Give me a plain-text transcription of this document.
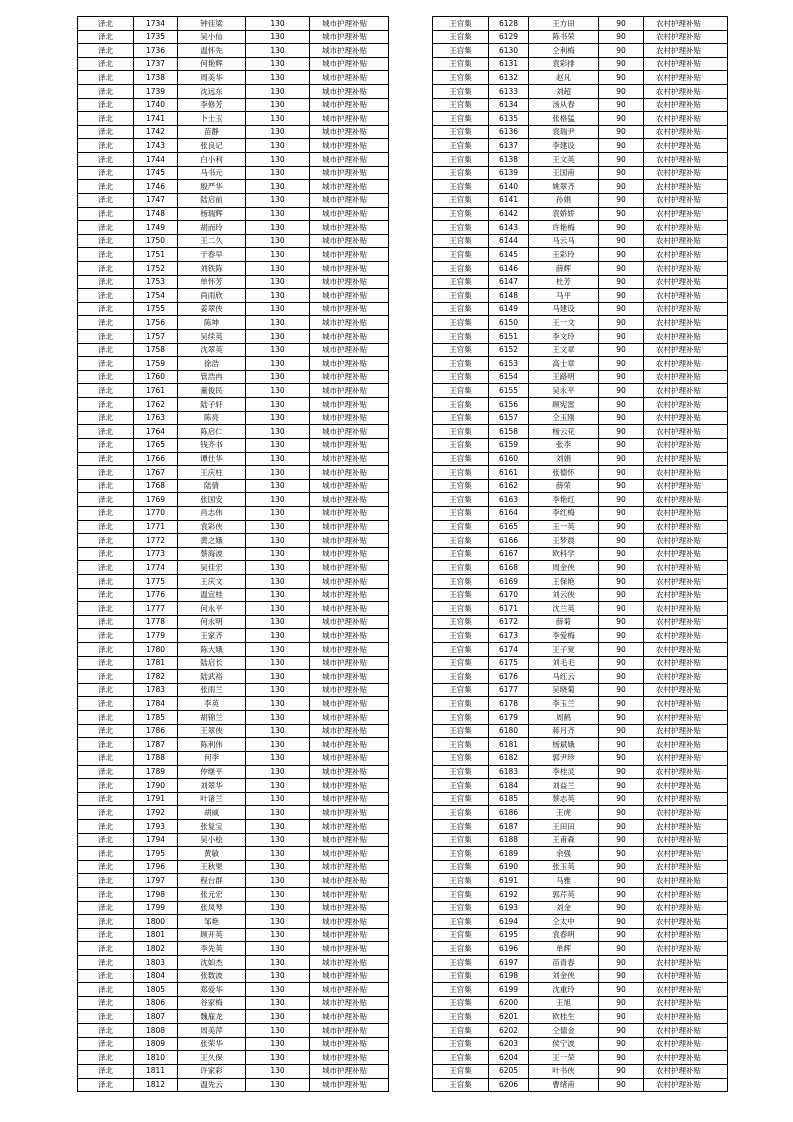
泽北	1734	钟佳梁	130	城市护理补贴
泽北	1735	吴小仙	130	城市护理补贴
泽北	1736	温怀先	130	城市护理补贴
泽北	1737	何艳辉	130	城市护理补贴
泽北	1738	周美华	130	城市护理补贴
泽北	1739	沈远东	130	城市护理补贴
泽北	1740	李修芳	130	城市护理补贴
泽北	1741	卜士玉	130	城市护理补贴
泽北	1742	苗静	130	城市护理补贴
泽北	1743	张良记	130	城市护理补贴
泽北	1744	白小利	130	城市护理补贴
泽北	1745	马书元	130	城市护理补贴
泽北	1746	殷严华	130	城市护理补贴
泽北	1747	陆启前	130	城市护理补贴
泽北	1748	杨瑞辉	130	城市护理补贴
泽北	1749	胡而玲	130	城市护理补贴
泽北	1750	王二久	130	城市护理补贴
泽北	1751	于春早	130	城市护理补贴
泽北	1752	刘铁陈	130	城市护理补贴
泽北	1753	单怀芳	130	城市护理补贴
泽北	1754	尚雨欣	130	城市护理补贴
泽北	1755	姜翠侠	130	城市护理补贴
泽北	1756	陈坤	130	城市护理补贴
泽北	1757	吴续英	130	城市护理补贴
泽北	1758	沈翠英	130	城市护理补贴
泽北	1759	徐浩	130	城市护理补贴
泽北	1760	管浩冉	130	城市护理补贴
泽北	1761	董俊民	130	城市护理补贴
泽北	1762	陆子轩	130	城市护理补贴
泽北	1763	陈亮	130	城市护理补贴
泽北	1764	陈启仁	130	城市护理补贴
泽北	1765	钱齐书	130	城市护理补贴
泽北	1766	谭仕华	130	城市护理补贴
泽北	1767	王庆柱	130	城市护理补贴
泽北	1768	陆倩	130	城市护理补贴
泽北	1769	张国安	130	城市护理补贴
泽北	1770	肖志伟	130	城市护理补贴
泽北	1771	袁彩侠	130	城市护理补贴
泽北	1772	黄之娥	130	城市护理补贴
泽北	1773	蔡海波	130	城市护理补贴
泽北	1774	吴佳宏	130	城市护理补贴
泽北	1775	王庆文	130	城市护理补贴
泽北	1776	温宜桂	130	城市护理补贴
泽北	1777	何永平	130	城市护理补贴
泽北	1778	何永明	130	城市护理补贴
泽北	1779	王家齐	130	城市护理补贴
泽北	1780	陈大娥	130	城市护理补贴
泽北	1781	陆启长	130	城市护理补贴
泽北	1782	陆武裕	130	城市护理补贴
泽北	1783	张雨兰	130	城市护理补贴
泽北	1784	李英	130	城市护理补贴
泽北	1785	胡锦兰	130	城市护理补贴
泽北	1786	王翠侠	130	城市护理补贴
泽北	1787	陈利伟	130	城市护理补贴
泽北	1788	何李	130	城市护理补贴
泽北	1789	仲继平	130	城市护理补贴
泽北	1790	刘翠华	130	城市护理补贴
泽北	1791	叶诸兰	130	城市护理补贴
泽北	1792	胡威	130	城市护理补贴
泽北	1793	张复宝	130	城市护理补贴
泽北	1794	吴小桧	130	城市护理补贴
泽北	1795	黄敏	130	城市护理补贴
泽北	1796	王秋果	130	城市护理补贴
泽北	1797	程台群	130	城市护理补贴
泽北	1798	张元宏	130	城市护理补贴
泽北	1799	张凤琴	130	城市护理补贴
泽北	1800	邹艳	130	城市护理补贴
泽北	1801	顾开英	130	城市护理补贴
泽北	1802	李先英	130	城市护理补贴
泽北	1803	沈如杰	130	城市护理补贴
泽北	1804	张数波	130	城市护理补贴
泽北	1805	郑爱华	130	城市护理补贴
泽北	1806	谷家梅	130	城市护理补贴
泽北	1807	魏雇龙	130	城市护理补贴
泽北	1808	周美萍	130	城市护理补贴
泽北	1809	张荣华	130	城市护理补贴
泽北	1810	王久保	130	城市护理补贴
泽北	1811	许家彩	130	城市护理补贴
泽北	1812	温先云	130	城市护理补贴
王官集	6128	王方田	90	农村护理补贴
王官集	6129	陈书荣	90	农村护理补贴
王官集	6130	仝利梅	90	农村护理补贴
王官集	6131	袁彩排	90	农村护理补贴
王官集	6132	赵凡	90	农村护理补贴
王官集	6133	刘超	90	农村护理补贴
王官集	6134	汤从春	90	农村护理补贴
王官集	6135	张格猛	90	农村护理补贴
王官集	6136	袁瑞尹	90	农村护理补贴
王官集	6137	李建设	90	农村护理补贴
王官集	6138	王文英	90	农村护理补贴
王官集	6139	王国甫	90	农村护理补贴
王官集	6140	姚翠齐	90	农村护理补贴
王官集	6141	孙娟	90	农村护理补贴
王官集	6142	袁娇娇	90	农村护理补贴
王官集	6143	许艳梅	90	农村护理补贴
王官集	6144	马云马	90	农村护理补贴
王官集	6145	王彩玲	90	农村护理补贴
王官集	6146	薛辉	90	农村护理补贴
王官集	6147	杜芳	90	农村护理补贴
王官集	6148	马平	90	农村护理补贴
王官集	6149	马建设	90	农村护理补贴
王官集	6150	王一文	90	农村护理补贴
王官集	6151	李文玲	90	农村护理补贴
王官集	6152	王文章	90	农村护理补贴
王官集	6153	高士章	90	农村护理补贴
王官集	6154	王路明	90	农村护理补贴
王官集	6155	吴永平	90	农村护理补贴
王官集	6156	顾宪雷	90	农村护理补贴
王官集	6157	仝玉刚	90	农村护理补贴
王官集	6158	杨云花	90	农村护理补贴
王官集	6159	张李	90	农村护理补贴
王官集	6160	刘娟	90	农村护理补贴
王官集	6161	张德怀	90	农村护理补贴
王官集	6162	薛荣	90	农村护理补贴
王官集	6163	李艳红	90	农村护理补贴
王官集	6164	李红梅	90	农村护理补贴
王官集	6165	王一英	90	农村护理补贴
王官集	6166	王梦晨	90	农村护理补贴
王官集	6167	欧科学	90	农村护理补贴
王官集	6168	周金侠	90	农村护理补贴
王官集	6169	王保艳	90	农村护理补贴
王官集	6170	刘云侠	90	农村护理补贴
王官集	6171	沈兰英	90	农村护理补贴
王官集	6172	薛菊	90	农村护理补贴
王官集	6173	李爱梅	90	农村护理补贴
王官集	6174	王子宽	90	农村护理补贴
王官集	6175	刘毛毛	90	农村护理补贴
王官集	6176	马红云	90	农村护理补贴
王官集	6177	吴晓菊	90	农村护理补贴
王官集	6178	李玉兰	90	农村护理补贴
王官集	6179	周鹤	90	农村护理补贴
王官集	6180	蒋月齐	90	农村护理补贴
王官集	6181	杨斌娥	90	农村护理补贴
王官集	6182	郭尹珍	90	农村护理补贴
王官集	6183	李桂灵	90	农村护理补贴
王官集	6184	刘益兰	90	农村护理补贴
王官集	6185	蔡志英	90	农村护理补贴
王官集	6186	王虎	90	农村护理补贴
王官集	6187	王田田	90	农村护理补贴
王官集	6188	王甫森	90	农村护理补贴
王官集	6189	余强	90	农村护理补贴
王官集	6190	张玉英	90	农村护理补贴
王官集	6191	马雅	90	农村护理补贴
王官集	6192	郭芹英	90	农村护理补贴
王官集	6193	刘金	90	农村护理补贴
王官集	6194	仝太中	90	农村护理补贴
王官集	6195	袁春明	90	农村护理补贴
王官集	6196	单辉	90	农村护理补贴
王官集	6197	苗青春	90	农村护理补贴
王官集	6198	刘金侠	90	农村护理补贴
王官集	6199	沈重玲	90	农村护理补贴
王官集	6200	王旭	90	农村护理补贴
王官集	6201	欧桂生	90	农村护理补贴
王官集	6202	仝德金	90	农村护理补贴
王官集	6203	侯宁波	90	农村护理补贴
王官集	6204	王一荣	90	农村护理补贴
王官集	6205	叶书侠	90	农村护理补贴
王官集	6206	曹绪甫	90	农村护理补贴
